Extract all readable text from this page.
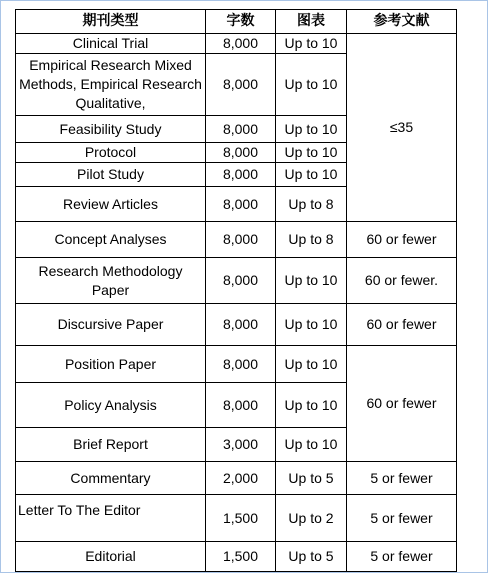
期刊类型	字数	图表	参考文献
Clinical Trial	8,000	Up to 10	≤35
Empirical Research Mixed Methods, Empirical Research Qualitative,	8,000	Up to 10	
Feasibility Study	8,000	Up to 10	
Protocol	8,000	Up to 10	
Pilot Study	8,000	Up to 10	
Review Articles	8,000	Up to 8	
Concept Analyses	8,000	Up to 8	60 or fewer
Research Methodology Paper	8,000	Up to 10	60 or fewer.
Discursive Paper	8,000	Up to 10	60 or fewer
Position Paper	8,000	Up to 10	60 or fewer
Policy Analysis	8,000	Up to 10	
Brief Report	3,000	Up to 10	
Commentary	2,000	Up to 5	5 or fewer
Letter To The Editor	1,500	Up to 2	5 or fewer
Editorial	1,500	Up to 5	5 or fewer
